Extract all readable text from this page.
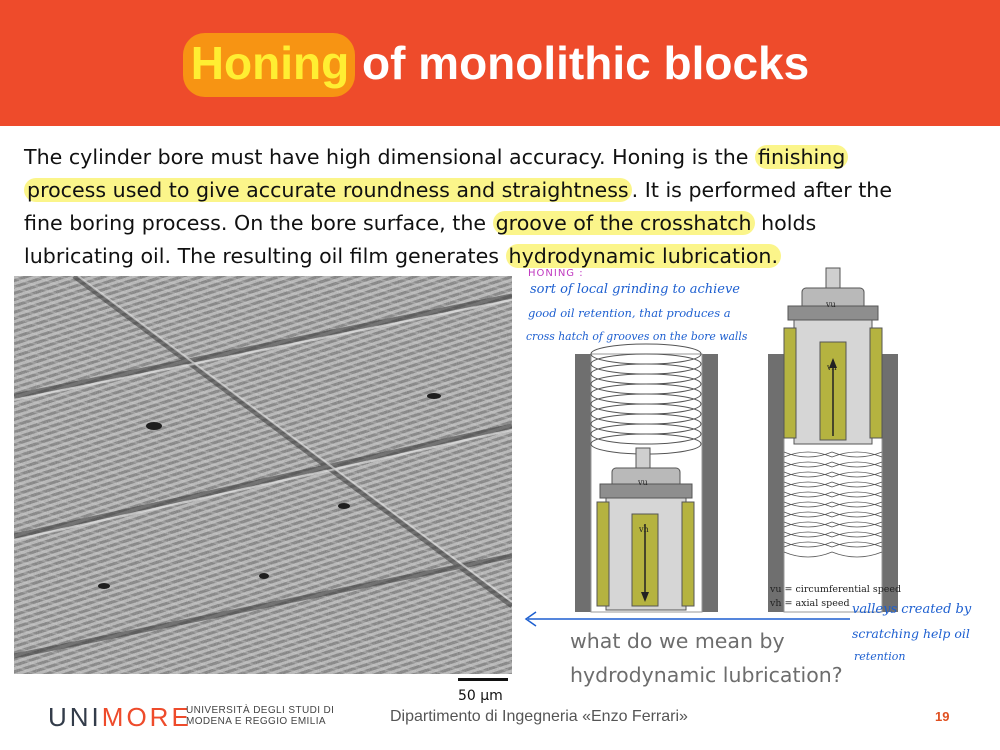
Honing of monolithic blocks
The cylinder bore must have high dimensional accuracy. Honing is the finishing
process used to give accurate roundness and straightness . It is performed after the
fine boring process. On the bore surface, the groove of the crosshatch holds
lubricating oil. The resulting oil film generates hydrodynamic lubrication.
50 μm
HONING :
sort of local grinding to achieve
good oil retention, that produces a
cross hatch of grooves on the bore walls
vu
vh
vu
vh
vu = circumferential speed
vh = axial speed valleys created by
scratching help oil
retention
what do we mean by
hydrodynamic lubrication?
UNIMORE
UNIVERSITÀ DEGLI STUDI DI
MODENA E REGGIO EMILIA	Dipartimento di Ingegneria «Enzo Ferrari»	19
